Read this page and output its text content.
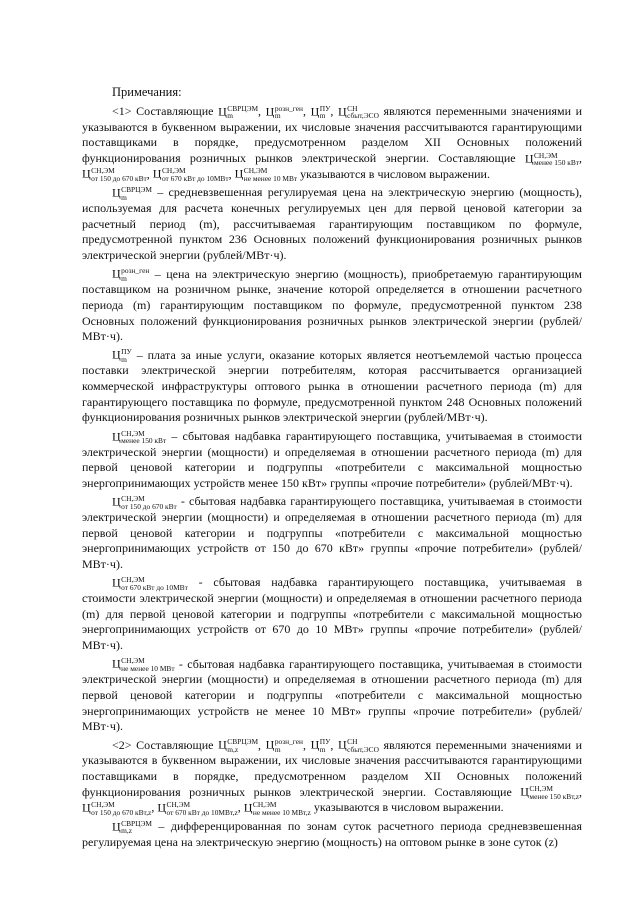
Примечания:

<1> Составляющие Ц СВРЦЭМ
m	, Ц розн_ген
m	, Ц ПУ
m , Ц СН
сбыт,ЭСО являются переменными значениями и указываются в буквенном выражении, их числовые значения рассчитываются гарантирующими поставщиками в порядке, предусмотренном разделом XII Основных положений функционирования розничных рынков электрической энергии. Составляющие Ц СН,ЭМ
менее 150 кВт , Ц СН,ЭМ
от 150 до 670 кВт , Ц СН,ЭМ
от 670 кВт до 10МВт , Ц СН,ЭМ
не менее 10 МВт указываются в числовом выражении.

Ц СВРЦЭМ
m	– средневзвешенная регулируемая цена на электрическую энергию (мощность), используемая для расчета конечных регулируемых цен для первой ценовой категории за расчетный период (m), рассчитываемая гарантирующим поставщиком по формуле, предусмотренной пунктом 236 Основных положений функционирования розничных рынков электрической энергии (рублей/МВт·ч).

Ц розн_ген
m	– цена на электрическую энергию (мощность), приобретаемую гарантирующим поставщиком на розничном рынке, значение которой определяется в отношении расчетного периода (m) гарантирующим поставщиком по формуле, предусмотренной пунктом 238 Основных положений функционирования розничных рынков электрической энергии (рублей/МВт·ч).

Ц ПУ
m – плата за иные услуги, оказание которых является неотъемлемой частью процесса поставки электрической энергии потребителям, которая рассчитывается организацией коммерческой инфраструктуры оптового рынка в отношении расчетного периода (m) для гарантирующего поставщика по формуле, предусмотренной пунктом 248 Основных положений функционирования розничных рынков электрической энергии (рублей/МВт·ч).

Ц СН,ЭМ
менее 150 кВт – сбытовая надбавка гарантирующего поставщика, учитываемая в стоимости электрической энергии (мощности) и определяемая в отношении расчетного периода (m) для первой ценовой категории и подгруппы «потребители с максимальной мощностью энергопринимающих устройств менее 150 кВт» группы «прочие потребители» (рублей/МВт·ч).

Ц СН,ЭМ
от 150 до 670 кВт - сбытовая надбавка гарантирующего поставщика, учитываемая в стоимости электрической энергии (мощности) и определяемая в отношении расчетного периода (m) для первой ценовой категории и подгруппы «потребители с максимальной мощностью энергопринимающих устройств от 150 до 670 кВт» группы «прочие потребители» (рублей/МВт·ч).

Ц СН,ЭМ
от 670 кВт до 10МВт - сбытовая надбавка гарантирующего поставщика, учитываемая в стоимости электрической энергии (мощности) и определяемая в отношении расчетного периода (m) для первой ценовой категории и подгруппы «потребители с максимальной мощностью энергопринимающих устройств от 670 до 10 МВт» группы «прочие потребители» (рублей/МВт·ч).

Ц СН,ЭМ
не менее 10 МВт - сбытовая надбавка гарантирующего поставщика, учитываемая в стоимости электрической энергии (мощности) и определяемая в отношении расчетного периода (m) для первой ценовой категории и подгруппы «потребители с максимальной мощностью энергопринимающих устройств не менее 10 МВт» группы «прочие потребители» (рублей/МВт·ч).

<2> Составляющие Ц СВРЦЭМ
m,z	, Ц розн_ген
m	, Ц ПУ
m , Ц СН
сбыт,ЭСО являются переменными значениями и указываются в буквенном выражении, их числовые значения рассчитываются гарантирующими поставщиками в порядке, предусмотренном разделом XII Основных положений функционирования розничных рынков электрической энергии. Составляющие Ц СН,ЭМ
менее 150 кВт,z , Ц СН,ЭМ
от 150 до 670 кВт,z , Ц СН,ЭМ
от 670 кВт до 10МВт,z , Ц СН,ЭМ
не менее 10 МВт,z указываются в числовом выражении.

Ц СВРЦЭМ
m,z	– дифференцированная по зонам суток расчетного периода средневзвешенная регулируемая цена на электрическую энергию (мощность) на оптовом рынке в зоне суток (z)
